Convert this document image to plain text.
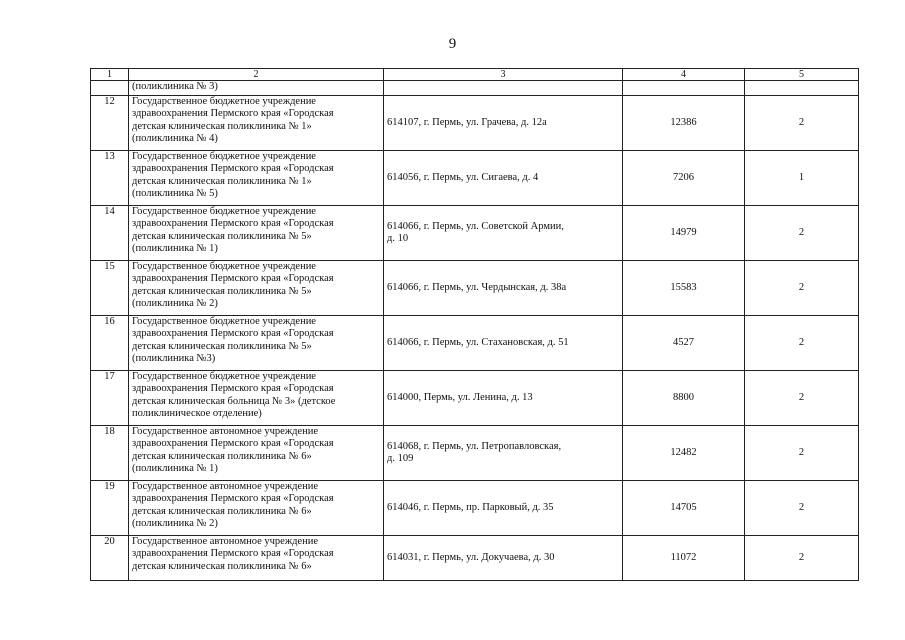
9
1	2	3	4	5
	(поликлиника № 3)			
12	Государственное бюджетное учреждение
здравоохранения Пермского края «Городская
детская клиническая поликлиника № 1»
(поликлиника № 4)	614107, г. Пермь, ул. Грачева, д. 12а	12386	2
13	Государственное бюджетное учреждение
здравоохранения Пермского края «Городская
детская клиническая поликлиника № 1»
(поликлиника № 5)	614056, г. Пермь, ул. Сигаева, д. 4	7206	1
14	Государственное бюджетное учреждение
здравоохранения Пермского края «Городская
детская клиническая поликлиника № 5»
(поликлиника № 1)	614066, г. Пермь, ул. Советской Армии,
д. 10	14979	2
15	Государственное бюджетное учреждение
здравоохранения Пермского края «Городская
детская клиническая поликлиника № 5»
(поликлиника № 2)	614066, г. Пермь, ул. Чердынская, д. 38а	15583	2
16	Государственное бюджетное учреждение
здравоохранения Пермского края «Городская
детская клиническая поликлиника № 5»
(поликлиника №3)	614066, г. Пермь, ул. Стахановская, д. 51	4527	2
17	Государственное бюджетное учреждение
здравоохранения Пермского края «Городская
детская клиническая больница № 3» (детское
поликлиническое отделение)	614000, Пермь, ул. Ленина, д. 13	8800	2
18	Государственное автономное учреждение
здравоохранения Пермского края «Городская
детская клиническая поликлиника № 6»
(поликлиника № 1)	614068, г. Пермь, ул. Петропавловская,
д. 109	12482	2
19	Государственное автономное учреждение
здравоохранения Пермского края «Городская
детская клиническая поликлиника № 6»
(поликлиника № 2)	614046, г. Пермь, пр. Парковый, д. 35	14705	2
20	Государственное автономное учреждение
здравоохранения Пермского края «Городская
детская клиническая поликлиника № 6»	614031, г. Пермь, ул. Докучаева, д. 30	11072	2
